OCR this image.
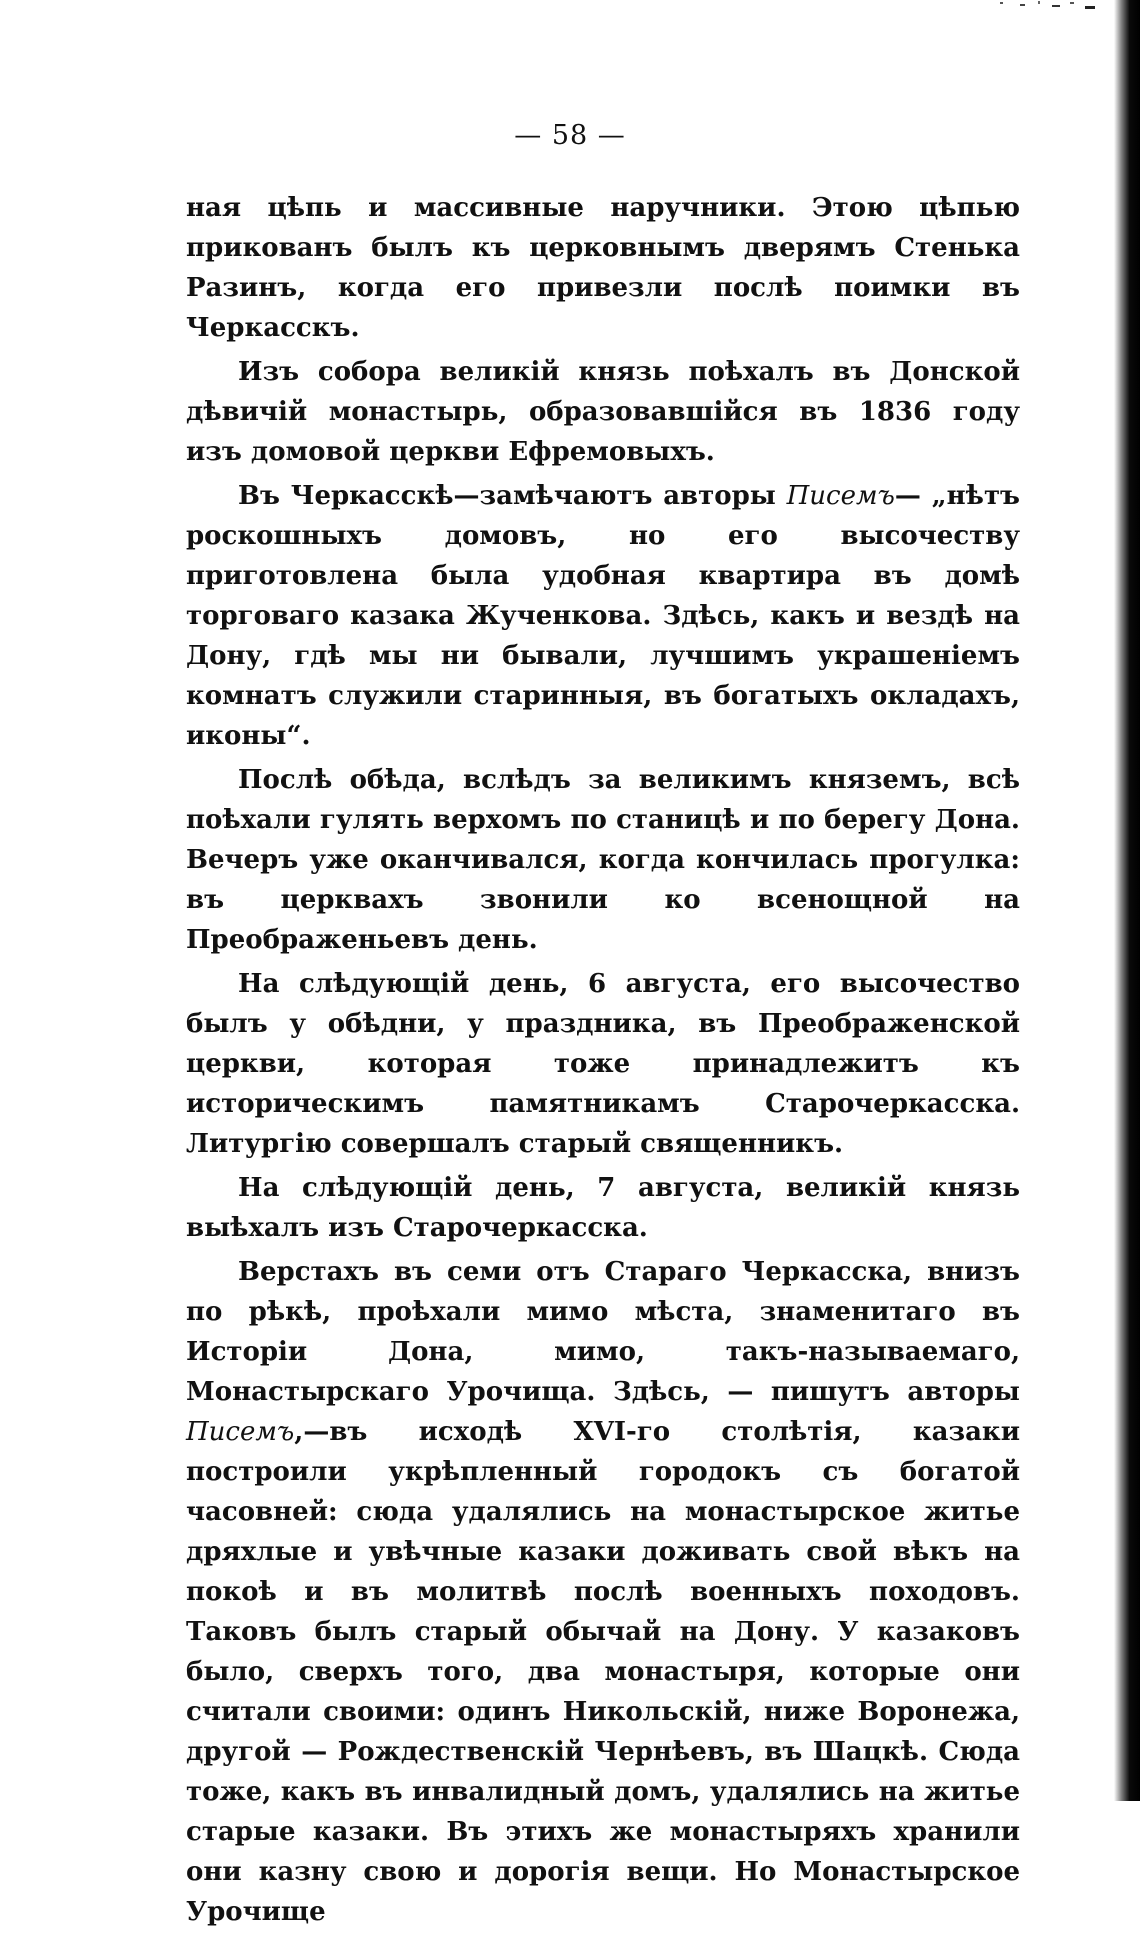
— 58 —

ная цѣпь и массивные наручники. Этою цѣпью прикованъ былъ къ церковнымъ дверямъ Стенька Разинъ, когда его привезли послѣ поимки въ Черкасскъ.

Изъ собора великій князь поѣхалъ въ Донской дѣвичій монастырь, образовавшійся въ 1836 году изъ домовой церкви Ефремовыхъ.

Въ Черкасскѣ—замѣчаютъ авторы Писемъ— „нѣтъ роскошныхъ домовъ, но его высочеству приготовлена была удобная квартира въ домѣ торговаго казака Жученкова. Здѣсь, какъ и вездѣ на Дону, гдѣ мы ни бывали, лучшимъ украшеніемъ комнатъ служили старинныя, въ богатыхъ окладахъ, иконы“.

Послѣ обѣда, вслѣдъ за великимъ княземъ, всѣ поѣхали гулять верхомъ по станицѣ и по берегу Дона. Вечеръ уже оканчивался, когда кончилась прогулка: въ церквахъ звонили ко всенощной на Преображеньевъ день.

На слѣдующій день, 6 августа, его высочество былъ у обѣдни, у праздника, въ Преображенской церкви, которая тоже принадлежитъ къ историческимъ памятникамъ Старочеркасска. Литургію совершалъ старый священникъ.

На слѣдующій день, 7 августа, великій князь выѣхалъ изъ Старочеркасска.

Верстахъ въ семи отъ Стараго Черкасска, внизъ по рѣкѣ, проѣхали мимо мѣста, знаменитаго въ Исторіи Дона, мимо, такъ-называемаго, Монастырскаго Урочища. Здѣсь, — пишутъ авторы Писемъ,—въ исходѣ XVI-го столѣтія, казаки построили укрѣпленный городокъ съ богатой часовней: сюда удалялись на монастырское житье дряхлые и увѣчные казаки доживать свой вѣкъ на покоѣ и въ молитвѣ послѣ военныхъ походовъ. Таковъ былъ старый обычай на Дону. У казаковъ было, сверхъ того, два монастыря, которые они считали своими: одинъ Никольскій, ниже Воронежа, другой — Рождественскій Чернѣевъ, въ Шацкѣ. Сюда тоже, какъ въ инвалидный домъ, удалялись на житье старые казаки. Въ этихъ же монастыряхъ хранили они казну свою и дорогія вещи. Но Монастырское Урочище
